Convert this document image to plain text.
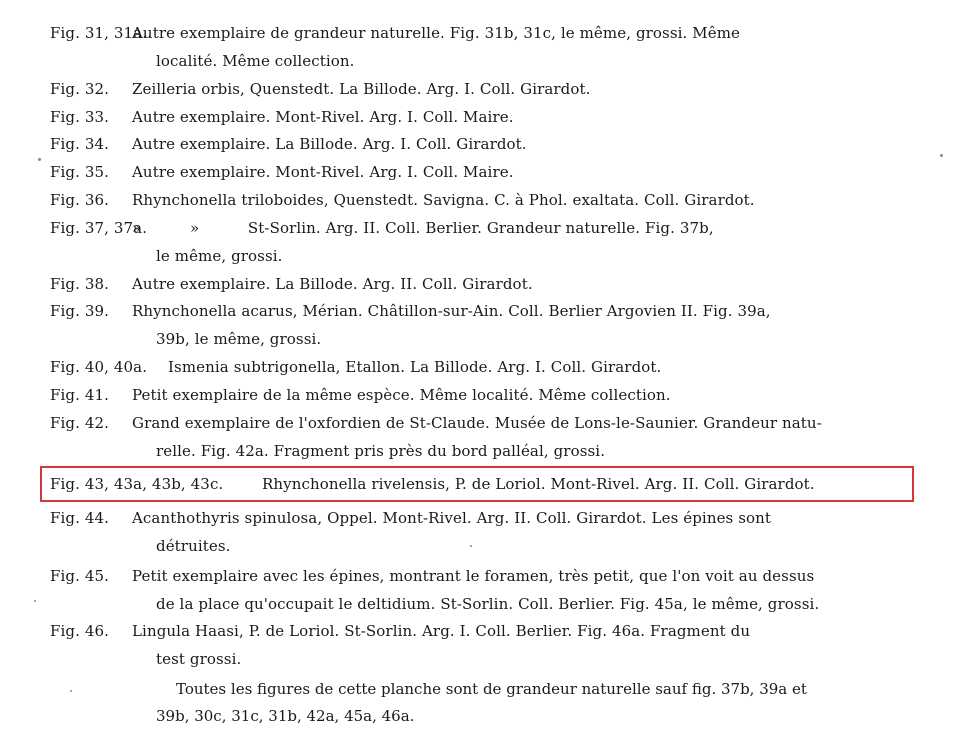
Fig. 31, 31a.
Autre exemplaire de grandeur naturelle. Fig. 31b, 31c, le même, grossi. Même
localité. Même collection.
Fig. 32. Zeilleria orbis, Quenstedt. La Billode. Arg. I. Coll. Girardot.
Fig. 33. Autre exemplaire. Mont-Rivel. Arg. I. Coll. Maire.
Fig. 34. Autre exemplaire. La Billode. Arg. I. Coll. Girardot.
Fig. 35. Autre exemplaire. Mont-Rivel. Arg. I. Coll. Maire.
Fig. 36. Rhynchonella triloboides, Quenstedt. Savigna. C. à Phol. exaltata. Coll. Girardot.
Fig. 37, 37a.
»          »          St-Sorlin. Arg. II. Coll. Berlier. Grandeur naturelle. Fig. 37b,
le même, grossi.
Fig. 38. Autre exemplaire. La Billode. Arg. II. Coll. Girardot.
Fig. 39. Rhynchonella acarus, Mérian. Châtillon-sur-Ain. Coll. Berlier Argovien II. Fig. 39a,
39b, le même, grossi.
Fig. 40, 40a. Ismenia subtrigonella, Etallon. La Billode. Arg. I. Coll. Girardot.
Fig. 41. Petit exemplaire de la même espèce. Même localité. Même collection.
Fig. 42. Grand exemplaire de l'oxfordien de St-Claude. Musée de Lons-le-Saunier. Grandeur natu-
relle. Fig. 42a. Fragment pris près du bord palléal, grossi.
Fig. 43, 43a, 43b, 43c.	Rhynchonella rivelensis, P. de Loriol. Mont-Rivel. Arg. II. Coll. Girardot.
Fig. 44. Acanthothyris spinulosa, Oppel. Mont-Rivel. Arg. II. Coll. Girardot. Les épines sont
détruites.
Fig. 45. Petit exemplaire avec les épines, montrant le foramen, très petit, que l'on voit au dessus
de la place qu'occupait le deltidium. St-Sorlin. Coll. Berlier. Fig. 45a, le même, grossi.
Fig. 46. Lingula Haasi, P. de Loriol. St-Sorlin. Arg. I. Coll. Berlier. Fig. 46a. Fragment du
test grossi.
Toutes les figures de cette planche sont de grandeur naturelle sauf fig. 37b, 39a et
39b, 30c, 31c, 31b, 42a, 45a, 46a.
